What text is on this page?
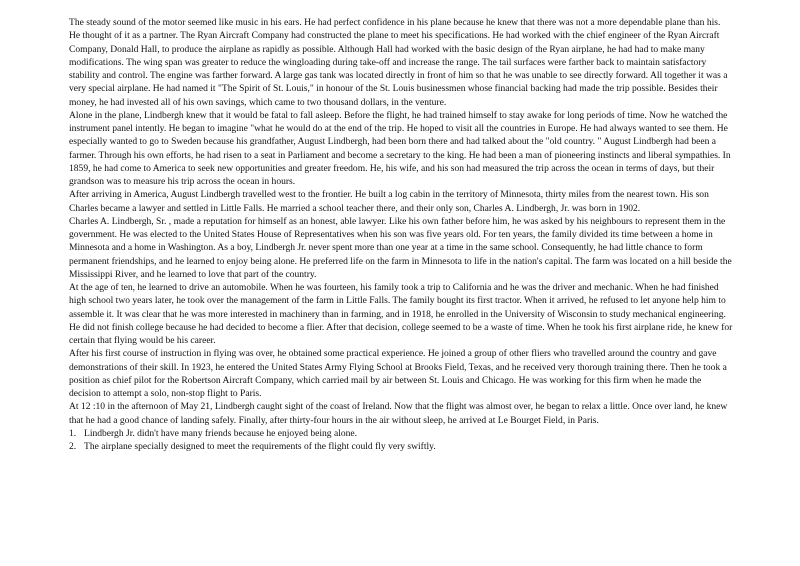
The steady sound of the motor seemed like music in his ears. He had perfect confidence in his plane because he knew that there was not a more dependable plane than his. He thought of it as a partner. The Ryan Aircraft Company had constructed the plane to meet his specifications. He had worked with the chief engineer of the Ryan Aircraft Company, Donald Hall, to produce the airplane as rapidly as possible. Although Hall had worked with the basic design of the Ryan airplane, he had had to make many modifications. The wing span was greater to reduce the wingloading during take-off and increase the range. The tail surfaces were farther back to maintain satisfactory stability and control. The engine was farther forward. A large gas tank was located directly in front of him so that he was unable to see directly forward. All together it was a very special airplane. He had named it "The Spirit of St. Louis," in honour of the St. Louis businessmen whose financial backing had made the trip possible. Besides their money, he had invested all of his own savings, which came to two thousand dollars, in the venture.

Alone in the plane, Lindbergh knew that it would be fatal to fall asleep. Before the flight, he had trained himself to stay awake for long periods of time. Now he watched the instrument panel intently. He began to imagine "what he would do at the end of the trip. He hoped to visit all the countries in Europe. He had always wanted to see them. He especially wanted to go to Sweden because his grandfather, August Lindbergh, had been born there and had talked about the "old country. " August Lindbergh had been a farmer. Through his own efforts, he had risen to a seat in Parliament and become a secretary to the king. He had been a man of pioneering instincts and liberal sympathies. In 1859, he had come to America to seek new opportunities and greater freedom. He, his wife, and his son had measured the trip across the ocean in terms of days, but their grandson was to measure his trip across the ocean in hours.

After arriving in America, August Lindbergh travelled west to the frontier. He built a log cabin in the territory of Minnesota, thirty miles from the nearest town. His son Charles became a lawyer and settled in Little Falls. He married a school teacher there, and their only son, Charles A. Lindbergh, Jr. was born in 1902.

Charles A. Lindbergh, Sr. , made a reputation for himself as an honest, able lawyer. Like his own father before him, he was asked by his neighbours to represent them in the government. He was elected to the United States House of Representatives when his son was five years old. For ten years, the family divided its time between a home in Minnesota and a home in Washington. As a boy, Lindbergh Jr. never spent more than one year at a time in the same school. Consequently, he had little chance to form permanent friendships, and he learned to enjoy being alone. He preferred life on the farm in Minnesota to life in the nation's capital. The farm was located on a hill beside the Mississippi River, and he learned to love that part of the country.

At the age of ten, he learned to drive an automobile. When he was fourteen, his family took a trip to California and he was the driver and mechanic. When he had finished high school two years later, he took over the management of the farm in Little Falls. The family bought its first tractor. When it arrived, he refused to let anyone help him to assemble it. It was clear that he was more interested in machinery than in farming, and in 1918, he enrolled in the University of Wisconsin to study mechanical engineering. He did not finish college because he had decided to become a flier. After that decision, college seemed to be a waste of time. When he took his first airplane ride, he knew for certain that flying would be his career.

After his first course of instruction in flying was over, he obtained some practical experience. He joined a group of other fliers who travelled around the country and gave demonstrations of their skill. In 1923, he entered the United States Army Flying School at Brooks Field, Texas, and he received very thorough training there. Then he took a position as chief pilot for the Robertson Aircraft Company, which carried mail by air between St. Louis and Chicago. He was working for this firm when he made the decision to attempt a solo, non-stop flight to Paris.

At 12 :10 in the afternoon of May 21, Lindbergh caught sight of the coast of Ireland. Now that the flight was almost over, he began to relax a little. Once over land, he knew that he had a good chance of landing safely. Finally, after thirty-four hours in the air without sleep, he arrived at Le Bourget Field, in Paris.

1. Lindbergh Jr. didn't have many friends because he enjoyed being alone.
2. The airplane specially designed to meet the requirements of the flight could fly very swiftly.
